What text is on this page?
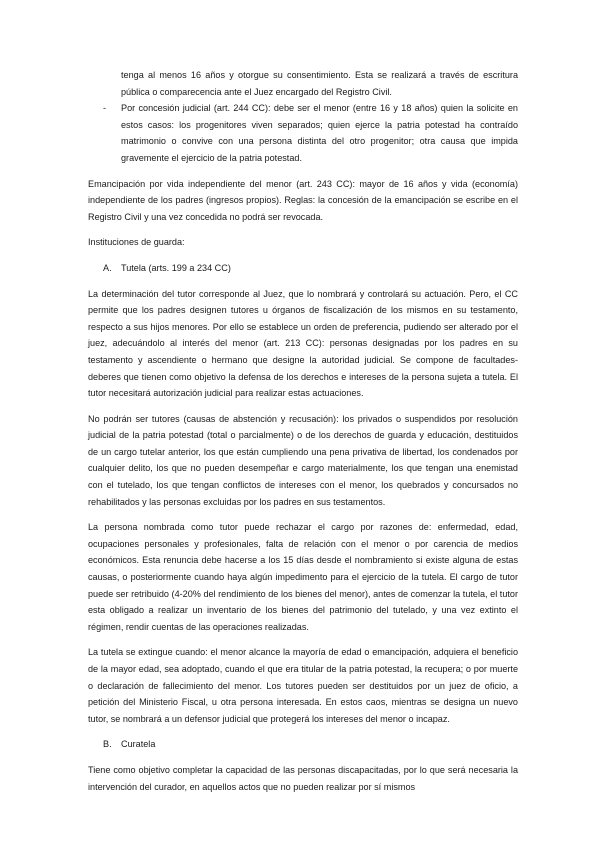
tenga al menos 16 años y otorgue su consentimiento. Esta se realizará a través de escritura pública o comparecencia ante el Juez encargado del Registro Civil.

- Por concesión judicial (art. 244 CC): debe ser el menor (entre 16 y 18 años) quien la solicite en estos casos: los progenitores viven separados; quien ejerce la patria potestad ha contraído matrimonio o convive con una persona distinta del otro progenitor; otra causa que impida gravemente el ejercicio de la patria potestad.

Emancipación por vida independiente del menor (art. 243 CC): mayor de 16 años y vida (economía) independiente de los padres (ingresos propios). Reglas: la concesión de la emancipación se escribe en el Registro Civil y una vez concedida no podrá ser revocada.

Instituciones de guarda:

A. Tutela (arts. 199 a 234 CC)

La determinación del tutor corresponde al Juez, que lo nombrará y controlará su actuación. Pero, el CC permite que los padres designen tutores u órganos de fiscalización de los mismos en su testamento, respecto a sus hijos menores. Por ello se establece un orden de preferencia, pudiendo ser alterado por el juez, adecuándolo al interés del menor (art. 213 CC): personas designadas por los padres en su testamento y ascendiente o hermano que designe la autoridad judicial. Se compone de facultades-deberes que tienen como objetivo la defensa de los derechos e intereses de la persona sujeta a tutela. El tutor necesitará autorización judicial para realizar estas actuaciones.

No podrán ser tutores (causas de abstención y recusación): los privados o suspendidos por resolución judicial de la patria potestad (total o parcialmente) o de los derechos de guarda y educación, destituidos de un cargo tutelar anterior, los que están cumpliendo una pena privativa de libertad, los condenados por cualquier delito, los que no pueden desempeñar e cargo materialmente, los que tengan una enemistad con el tutelado, los que tengan conflictos de intereses con el menor, los quebrados y concursados no rehabilitados y las personas excluidas por los padres en sus testamentos.

La persona nombrada como tutor puede rechazar el cargo por razones de: enfermedad, edad, ocupaciones personales y profesionales, falta de relación con el menor o por carencia de medios económicos. Esta renuncia debe hacerse a los 15 días desde el nombramiento si existe alguna de estas causas, o posteriormente cuando haya algún impedimento para el ejercicio de la tutela. El cargo de tutor puede ser retribuido (4-20% del rendimiento de los bienes del menor), antes de comenzar la tutela, el tutor esta obligado a realizar un inventario de los bienes del patrimonio del tutelado, y una vez extinto el régimen, rendir cuentas de las operaciones realizadas.

La tutela se extingue cuando: el menor alcance la mayoría de edad o emancipación, adquiera el beneficio de la mayor edad, sea adoptado, cuando el que era titular de la patria potestad, la recupera; o por muerte o declaración de fallecimiento del menor. Los tutores pueden ser destituidos por un juez de oficio, a petición del Ministerio Fiscal, u otra persona interesada. En estos caos, mientras se designa un nuevo tutor, se nombrará a un defensor judicial que protegerá los intereses del menor o incapaz.

B. Curatela

Tiene como objetivo completar la capacidad de las personas discapacitadas, por lo que será necesaria la intervención del curador, en aquellos actos que no pueden realizar por sí mismos
